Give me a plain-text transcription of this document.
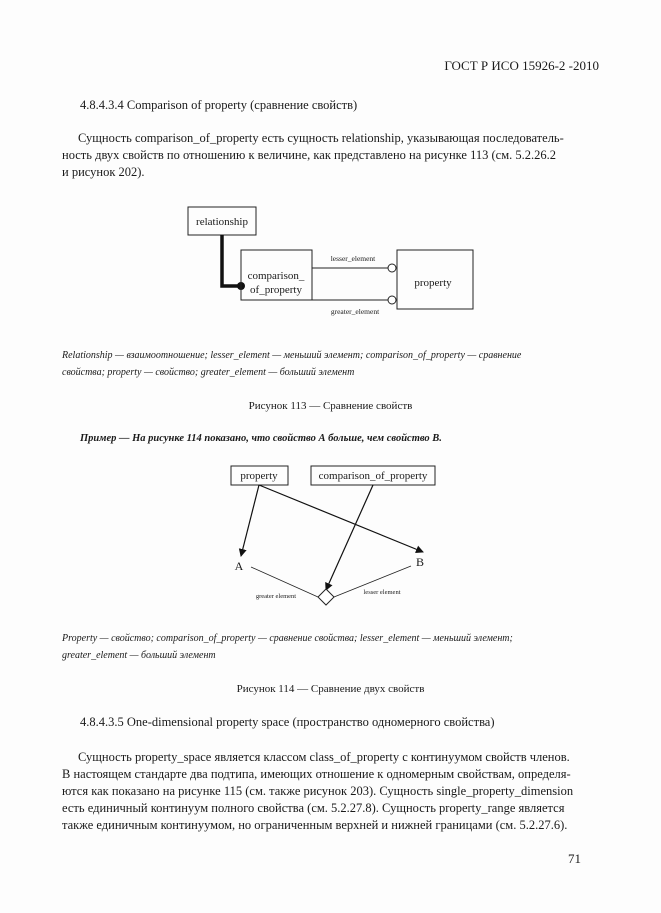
ГОСТ Р ИСО 15926-2 -2010
4.8.4.3.4 Comparison of property (сравнение свойств)
Сущность comparison_of_property есть сущность relationship, указывающая последователь-
ность двух свойств по отношению к величине, как представлено на рисунке 113 (см. 5.2.26.2
и рисунок 202).
relationship
comparison_
of_property
property
lesser_element
greater_element
Relationship — взаимоотношение; lesser_element — меньший элемент; comparison_of_property — сравнение
свойства; property — свойство; greater_element — больший элемент
Рисунок 113 — Сравнение свойств
Пример — На рисунке 114 показано, что свойство А больше, чем свойство В.
property	comparison_of_property
A	B
greater element
lesser element
Property — свойство; comparison_of_property — сравнение свойства; lesser_element — меньший элемент;
greater_element — больший элемент
Рисунок 114 — Сравнение двух свойств
4.8.4.3.5 One-dimensional property space (пространство одномерного свойства)
Сущность property_space является классом class_of_property с континуумом свойств членов.
В настоящем стандарте два подтипа, имеющих отношение к одномерным свойствам, определя-
ются как показано на рисунке 115 (см. также рисунок 203). Сущность single_property_dimension
есть единичный континуум полного свойства (см. 5.2.27.8). Сущность property_range является
также единичным континуумом, но ограниченным верхней и нижней границами (см. 5.2.27.6).
71
